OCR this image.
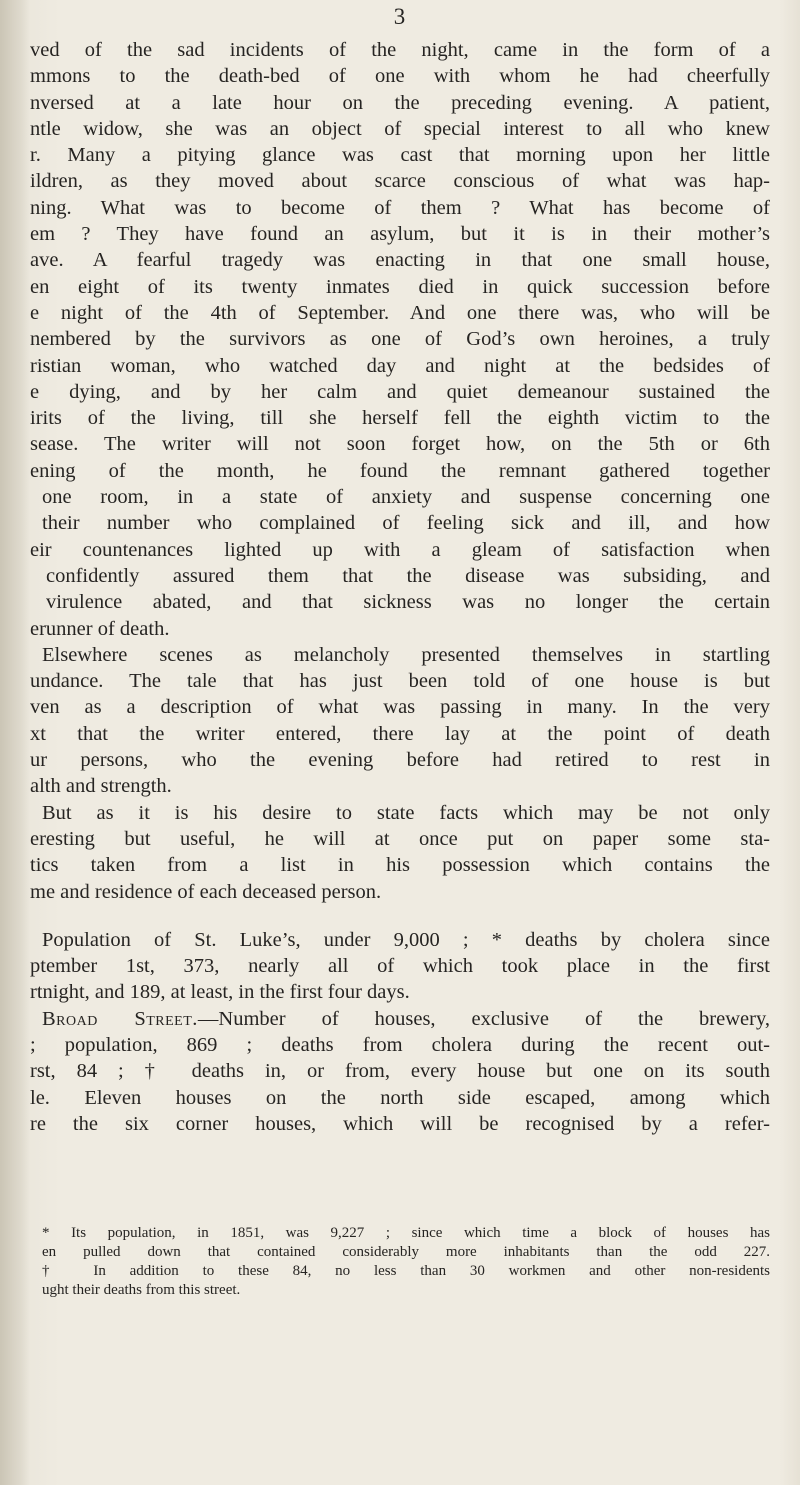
3
ved of the sad incidents of the night, came in the form of a
mmons to the death-bed of one with whom he had cheerfully
nversed at a late hour on the preceding evening. A patient,
ntle widow, she was an object of special interest to all who knew
r. Many a pitying glance was cast that morning upon her little
ildren, as they moved about scarce conscious of what was hap-
ning. What was to become of them ? What has become of
em ? They have found an asylum, but it is in their mother’s
ave. A fearful tragedy was enacting in that one small house,
en eight of its twenty inmates died in quick succession before
e night of the 4th of September. And one there was, who will be
nembered by the survivors as one of God’s own heroines, a truly
ristian woman, who watched day and night at the bedsides of
e dying, and by her calm and quiet demeanour sustained the
irits of the living, till she herself fell the eighth victim to the
sease. The writer will not soon forget how, on the 5th or 6th
ening of the month, he found the remnant gathered together
one room, in a state of anxiety and suspense concerning one
their number who complained of feeling sick and ill, and how
eir countenances lighted up with a gleam of satisfaction when
confidently assured them that the disease was subsiding, and
virulence abated, and that sickness was no longer the certain
erunner of death.
Elsewhere scenes as melancholy presented themselves in startling
undance. The tale that has just been told of one house is but
ven as a description of what was passing in many. In the very
xt that the writer entered, there lay at the point of death
ur persons, who the evening before had retired to rest in
alth and strength.
But as it is his desire to state facts which may be not only
eresting but useful, he will at once put on paper some sta-
tics taken from a list in his possession which contains the
me and residence of each deceased person.
Population of St. Luke’s, under 9,000 ; * deaths by cholera since
ptember 1st, 373, nearly all of which took place in the first
rtnight, and 189, at least, in the first four days.
Broad Street.—Number of houses, exclusive of the brewery,
; population, 869 ; deaths from cholera during the recent out-
rst, 84 ; † deaths in, or from, every house but one on its south
le. Eleven houses on the north side escaped, among which
re the six corner houses, which will be recognised by a refer-
* Its population, in 1851, was 9,227 ; since which time a block of houses has
en pulled down that contained considerably more inhabitants than the odd 227.
† In addition to these 84, no less than 30 workmen and other non-residents
ught their deaths from this street.
